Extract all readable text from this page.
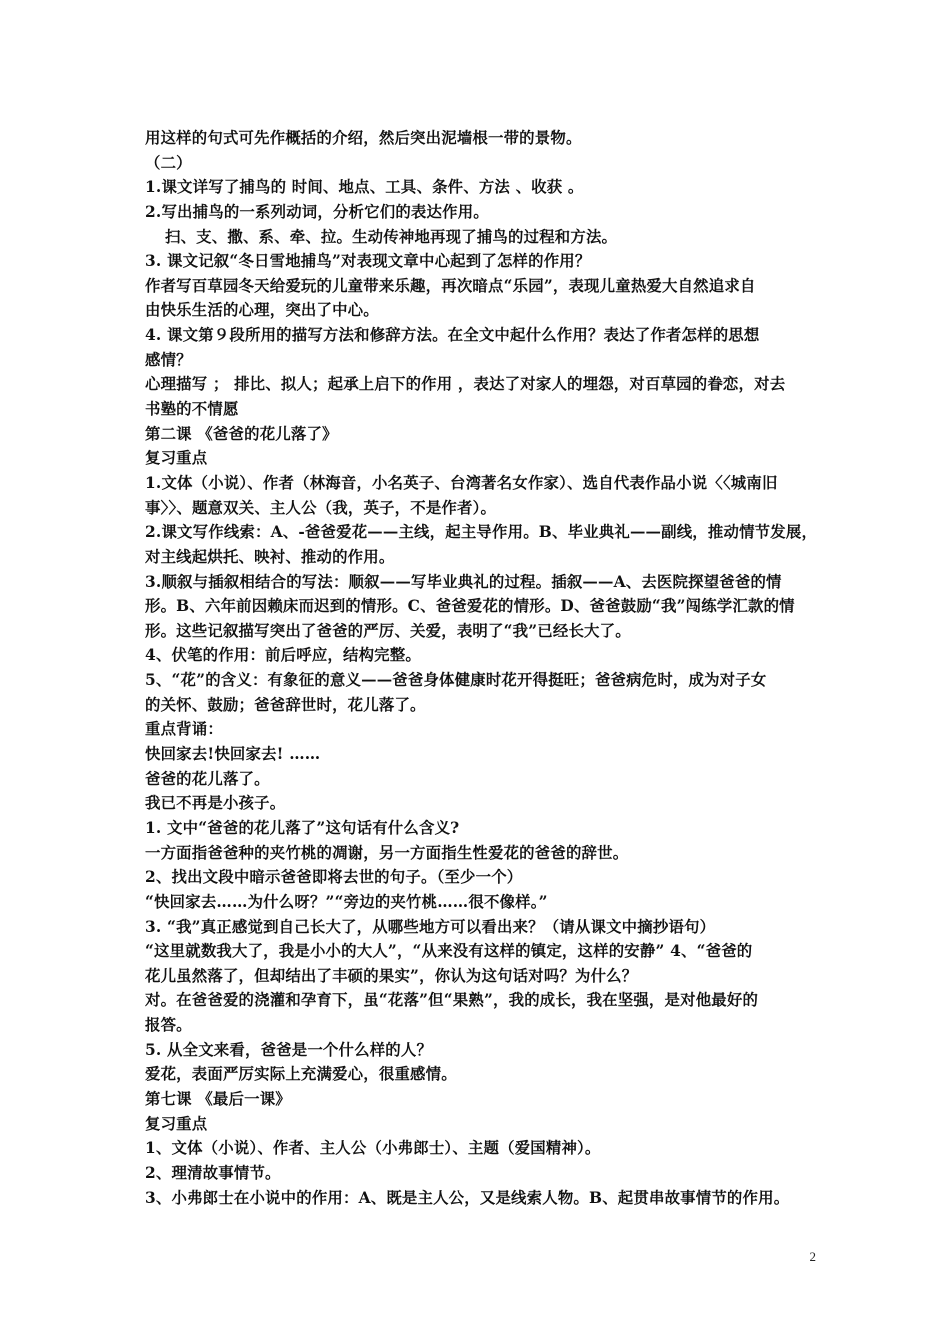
用这样的句式可先作概括的介绍，然后突出泥墙根一带的景物。

（二）

1.课文详写了捕鸟的 时间、地点、工具、条件、方法 、收获 。

2.写出捕鸟的一系列动词，分析它们的表达作用。

扫、支、撒、系、牵、拉。生动传神地再现了捕鸟的过程和方法。

3. 课文记叙“冬日雪地捕鸟”对表现文章中心起到了怎样的作用？

作者写百草园冬天给爱玩的儿童带来乐趣，再次暗点“乐园”，表现儿童热爱大自然追求自

由快乐生活的心理，突出了中心。

4. 课文第９段所用的描写方法和修辞方法。在全文中起什么作用？表达了作者怎样的思想

感情？

心理描写 ； 排比、拟人；起承上启下的作用 ，表达了对家人的埋怨，对百草园的眷恋，对去

书塾的不情愿

第二课 《爸爸的花儿落了》

复习重点

1.文体（小说）、作者（林海音，小名英子、台湾著名女作家）、选自代表作品小说〈〈城南旧

事〉〉、题意双关、主人公（我，英子，不是作者）。

2.课文写作线索：A、-爸爸爱花——主线，起主导作用。B、毕业典礼——副线，推动情节发展，

对主线起烘托、映衬、推动的作用。

3.顺叙与插叙相结合的写法：顺叙——写毕业典礼的过程。插叙——A、去医院探望爸爸的情

形。B、六年前因赖床而迟到的情形。C、爸爸爱花的情形。D、爸爸鼓励“我”闯练学汇款的情

形。这些记叙描写突出了爸爸的严厉、关爱，表明了“我”已经长大了。

4、伏笔的作用：前后呼应，结构完整。

5、“花”的含义：有象征的意义——爸爸身体健康时花开得挺旺；爸爸病危时，成为对子女

的关怀、鼓励；爸爸辞世时，花儿落了。

重点背诵：

快回家去!快回家去! ……

爸爸的花儿落了。

我已不再是小孩子。

1. 文中“爸爸的花儿落了”这句话有什么含义?

一方面指爸爸种的夹竹桃的凋谢，另一方面指生性爱花的爸爸的辞世。

2、找出文段中暗示爸爸即将去世的句子。（至少一个）

“快回家去……为什么呀？”“旁边的夹竹桃……很不像样。”

3. “我”真正感觉到自己长大了，从哪些地方可以看出来？（请从课文中摘抄语句）

“这里就数我大了，我是小小的大人”，“从来没有这样的镇定，这样的安静” 4、“爸爸的

花儿虽然落了，但却结出了丰硕的果实”，你认为这句话对吗？为什么？

对。在爸爸爱的浇灌和孕育下，虽“花落”但“果熟”，我的成长，我在坚强，是对他最好的

报答。

5. 从全文来看，爸爸是一个什么样的人？

爱花，表面严厉实际上充满爱心，很重感情。

第七课 《最后一课》

复习重点

1、文体（小说）、作者、主人公（小弗郎士）、主题（爱国精神）。

2、理清故事情节。

3、小弗郎士在小说中的作用：A、既是主人公，又是线索人物。B、起贯串故事情节的作用。

2
